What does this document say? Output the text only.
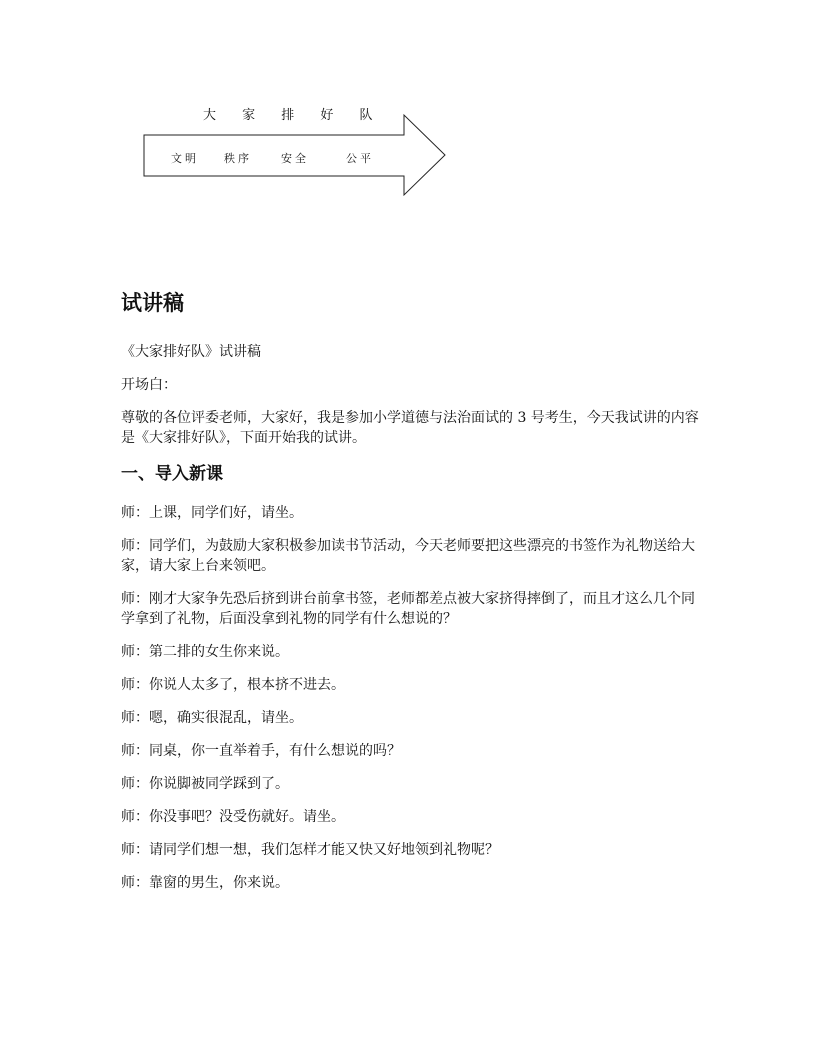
大 家 排 好 队
文明 秩序	安全	公平
试讲稿

《大家排好队》试讲稿

开场白：

尊敬的各位评委老师，大家好，我是参加小学道德与法治面试的 3 号考生，今天我试讲的内容是《大家排好队》，下面开始我的试讲。

一、导入新课

师：上课，同学们好，请坐。

师：同学们，为鼓励大家积极参加读书节活动，今天老师要把这些漂亮的书签作为礼物送给大家，请大家上台来领吧。

师：刚才大家争先恐后挤到讲台前拿书签，老师都差点被大家挤得摔倒了，而且才这么几个同学拿到了礼物，后面没拿到礼物的同学有什么想说的？

师：第二排的女生你来说。

师：你说人太多了，根本挤不进去。

师：嗯，确实很混乱，请坐。

师：同桌，你一直举着手，有什么想说的吗？

师：你说脚被同学踩到了。

师：你没事吧？没受伤就好。请坐。

师：请同学们想一想，我们怎样才能又快又好地领到礼物呢？

师：靠窗的男生，你来说。
